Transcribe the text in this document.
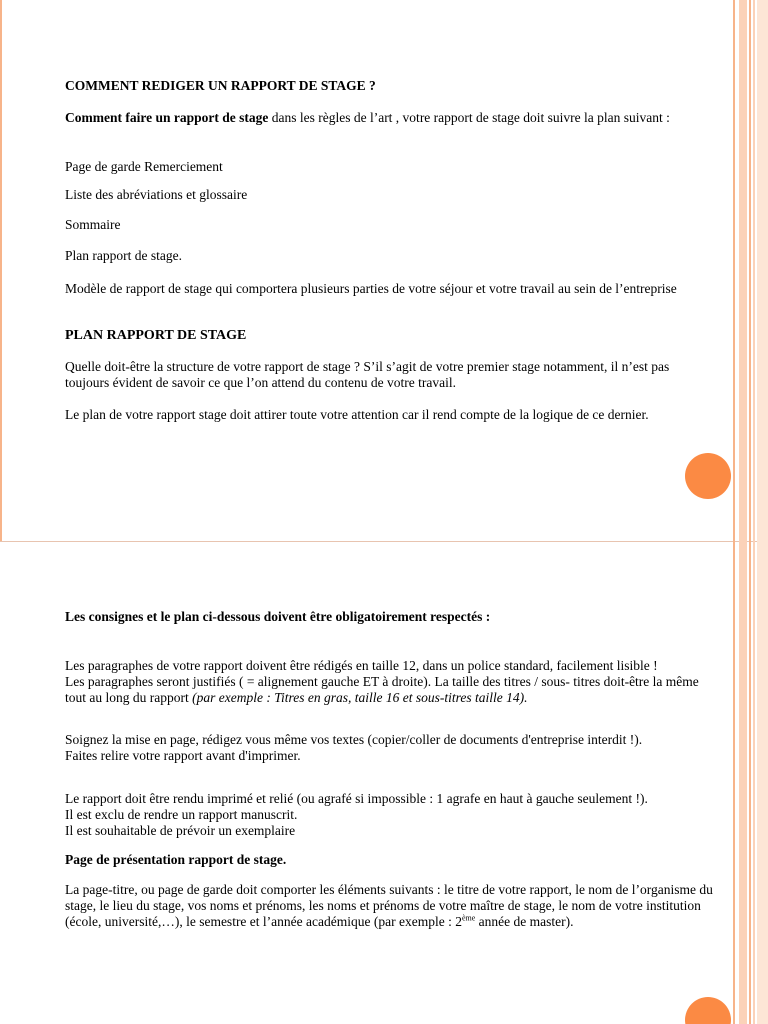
COMMENT REDIGER UN RAPPORT DE STAGE ?

Comment faire un rapport de stage dans les règles de l’art , votre rapport de stage doit suivre la plan suivant :

Page de garde Remerciement

Liste des abréviations et glossaire

Sommaire

Plan rapport de stage.

Modèle de rapport de stage qui comportera plusieurs parties de votre séjour et votre travail au sein de l’entreprise

PLAN RAPPORT DE STAGE

Quelle doit-être la structure de votre rapport de stage ? S’il s’agit de votre premier stage notamment, il n’est pas toujours évident de savoir ce que l’on attend du contenu de votre travail.

Le plan de votre rapport stage doit attirer toute votre attention car il rend compte de la logique de ce dernier.

Les consignes et le plan ci-dessous doivent être obligatoirement respectés :

Les paragraphes de votre rapport doivent être rédigés en taille 12, dans un police standard, facilement lisible !
Les paragraphes seront justifiés ( = alignement gauche ET à droite). La taille des titres / sous- titres doit-être la même tout au long du rapport (par exemple : Titres en gras, taille 16 et sous-titres taille 14).
Soignez la mise en page, rédigez vous même vos textes (copier/coller de documents d'entreprise interdit !).
Faites relire votre rapport avant d'imprimer.
Le rapport doit être rendu imprimé et relié (ou agrafé si impossible : 1 agrafe en haut à gauche seulement !).
Il est exclu de rendre un rapport manuscrit.
Il est souhaitable de prévoir un exemplaire

Page de présentation rapport de stage.

La page-titre, ou page de garde doit comporter les éléments suivants : le titre de votre rapport, le nom de l’organisme du stage, le lieu du stage, vos noms et prénoms, les noms et prénoms de votre maître de stage, le nom de votre institution (école, université,…), le semestre et l’année académique (par exemple : 2ème année de master).
